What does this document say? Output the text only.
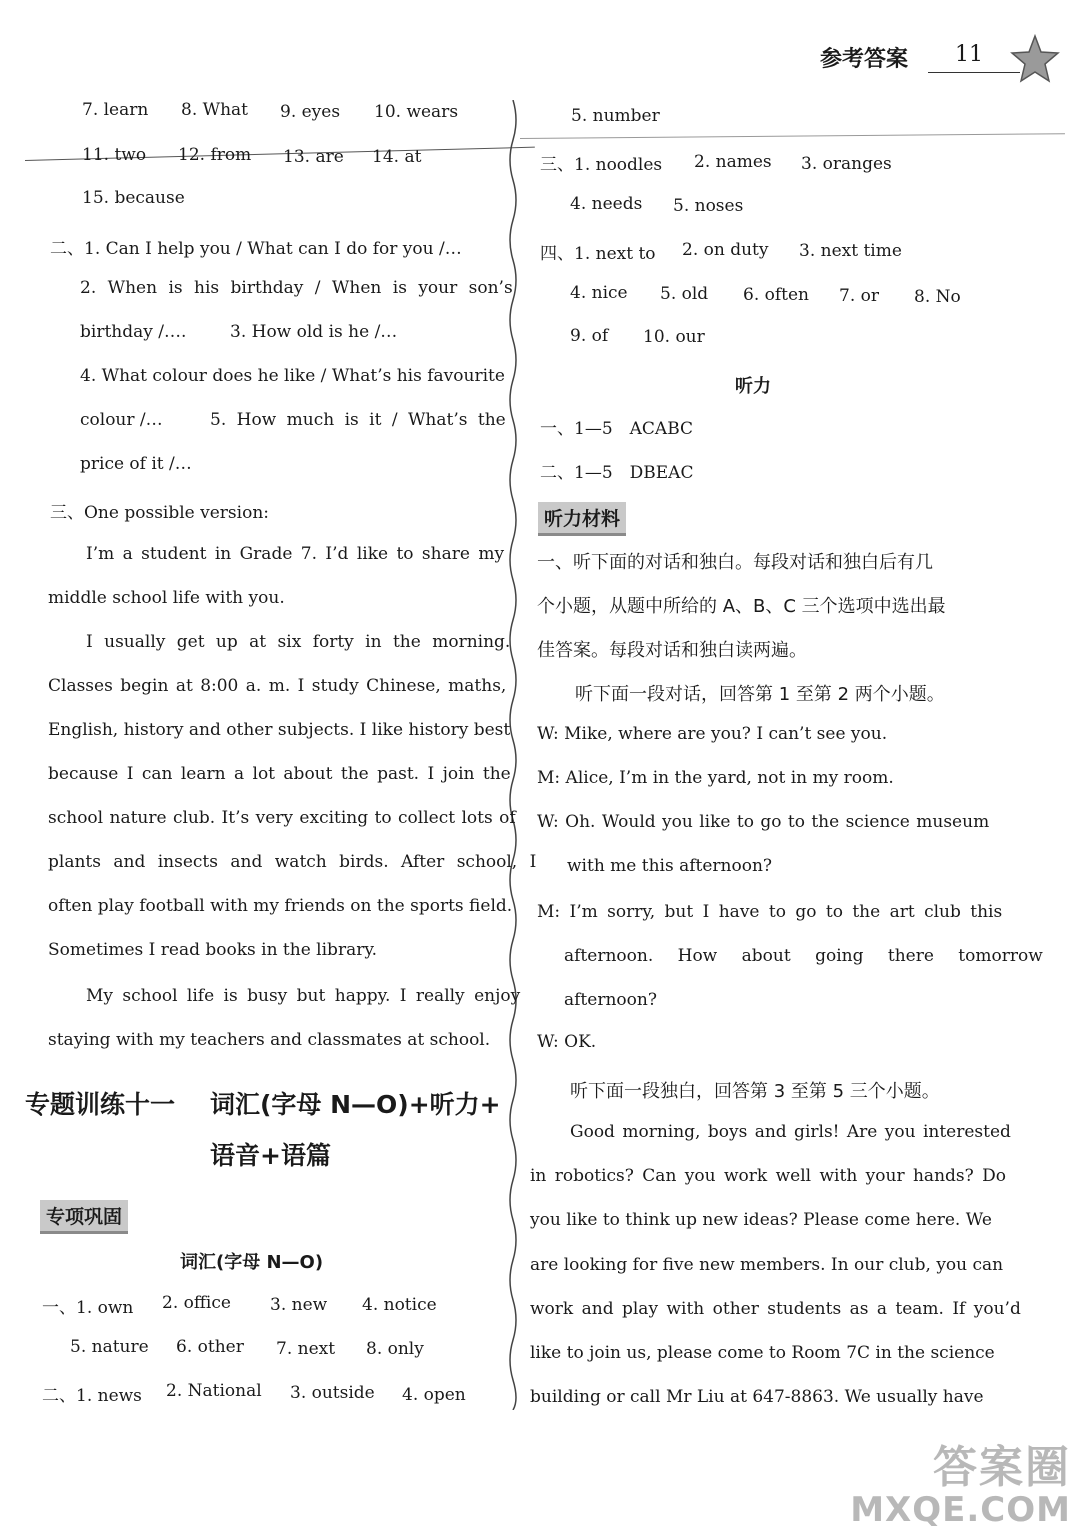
参考答案 11
7. learn 8. What 9. eyes 10. wears
11. two 12. from 13. are 14. at
15. because
二、1. Can I help you / What can I do for you /…
2. When is his birthday / When is your son’s
birthday /….	3. How old is he /…
4. What colour does he like / What’s his favourite
colour /…	5. How much is it / What’s the
price of it /…
三、One possible version:
I’m a student in Grade 7. I’d like to share my
middle school life with you.
I usually get up at six forty in the morning.
Classes begin at 8:00 a. m. I study Chinese, maths,
English, history and other subjects. I like history best
because I can learn a lot about the past. I join the
school nature club. It’s very exciting to collect lots of
plants and insects and watch birds. After school, I
often play football with my friends on the sports field.
Sometimes I read books in the library.
My school life is busy but happy. I really enjoy
staying with my teachers and classmates at school.
专题训练十一 词汇(字母 N—O)+听力+
语音+语篇
专项巩固
词汇(字母 N—O)
一、1. own 2. office 3. new 4. notice
5. nature 6. other 7. next 8. only
二、1. news 2. National 3. outside 4. open
5. number
三、1. noodles 2. names 3. oranges
4. needs 5. noses
四、1. next to 2. on duty 3. next time
4. nice 5. old 6. often 7. or 8. No
9. of 10. our
听力
一、1—5　ACABC
二、1—5　DBEAC
听力材料
一、听下面的对话和独白。每段对话和独白后有几
个小题，从题中所给的 A、B、C 三个选项中选出最
佳答案。每段对话和独白读两遍。
听下面一段对话，回答第 1 至第 2 两个小题。
W: Mike, where are you? I can’t see you.
M: Alice, I’m in the yard, not in my room.
W: Oh. Would you like to go to the science museum
with me this afternoon?
M: I’m sorry, but I have to go to the art club this
afternoon. How about going there tomorrow
afternoon?
W: OK.
听下面一段独白，回答第 3 至第 5 三个小题。
Good morning, boys and girls! Are you interested
in robotics? Can you work well with your hands? Do
you like to think up new ideas? Please come here. We
are looking for five new members. In our club, you can
work and play with other students as a team. If you’d
like to join us, please come to Room 7C in the science
building or call Mr Liu at 647-8863. We usually have
答案圈
MXQE.COM
